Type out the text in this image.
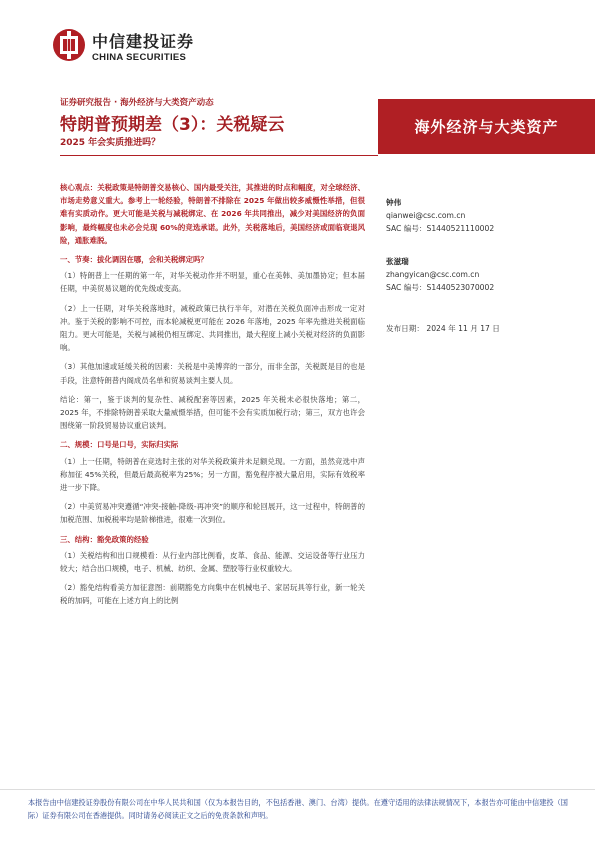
中信建投证券
CHINA SECURITIES
证券研究报告 · 海外经济与大类资产动态
特朗普预期差（3）：关税疑云
2025 年会实质推进吗？
海外经济与大类资产

核心观点：关税政策是特朗普交易核心、国内最受关注，其推进的时点和幅度，对全球经济、市场走势意义重大。参考上一轮经验，特朗普不排除在 2025 年做出较多威慑性举措，但很难有实质动作。更大可能是关税与减税绑定、在 2026 年共同推出，减少对美国经济的负面影响，最终幅度也未必会兑现 60%的竞选承诺。此外，关税落地后，美国经济或面临衰退风险，通胀难脱。

一、节奏：拔化调因在哪，会和关税绑定吗？

（1）特朗普上一任期的第一年，对华关税动作并不明显，重心在美韩、美加墨协定；但本届任期，中美贸易议题的优先级或变高。

（2）上一任期，对华关税落地时，减税政策已执行半年，对潜在关税负面冲击形成一定对冲。鉴于关税的影响不可控，而本轮减税更可能在 2026 年落地，2025 年率先推进关税面临阻力。更大可能是，关税与减税仍相互绑定、共同推出，最大程度上减小关税对经济的负面影响。

（3）其他加速或延缓关税的因素：关税是中美博弈的一部分，而非全部，关税既是目的也是手段，注意特朗普内阁成员名单和贸易谈判主要人员。

结论：第一，鉴于谈判的复杂性、减税配套等因素，2025 年关税未必很快落地；第二，2025 年，不排除特朗普采取大量威慑举措，但可能不会有实质加税行动；第三，双方也许会围绕第一阶段贸易协议重启谈判。

二、规模：口号是口号，实际归实际

（1）上一任期，特朗普在竞选时主张的对华关税政策并未足额兑现。一方面，虽然竞选中声称加征 45%关税，但最后最高税率为25%；另一方面，豁免程序被大量启用，实际有效税率进一步下降。

（2）中美贸易冲突遵循“冲突-接触-降级-再冲突”的顺序和轮回展开，这一过程中，特朗普的加税范围、加税税率均是阶梯推进，很难一次到位。

三、结构：豁免政策的经验

（1）关税结构和出口规模看：从行业内部比例看，皮革、食品、能源、交运设备等行业压力较大；结合出口规模，电子、机械、纺织、金属、塑胶等行业权重较大。

（2）豁免结构看美方加征意图：前期豁免方向集中在机械电子、家居玩具等行业，新一轮关税的加码，可能在上述方向上的比例

钟伟
qianwei@csc.com.cn
SAC 编号：S1440521110002
张滋瑞
zhangyican@csc.com.cn
SAC 编号：S1440523070002
发布日期： 2024 年 11 月 17 日
本报告由中信建投证券股份有限公司在中华人民共和国（仅为本报告目的，不包括香港、澳门、台湾）提供。在遵守适用的法律法规情况下，本报告亦可能由中信建投（国际）证券有限公司在香港提供。同时请务必阅读正文之后的免责条款和声明。
